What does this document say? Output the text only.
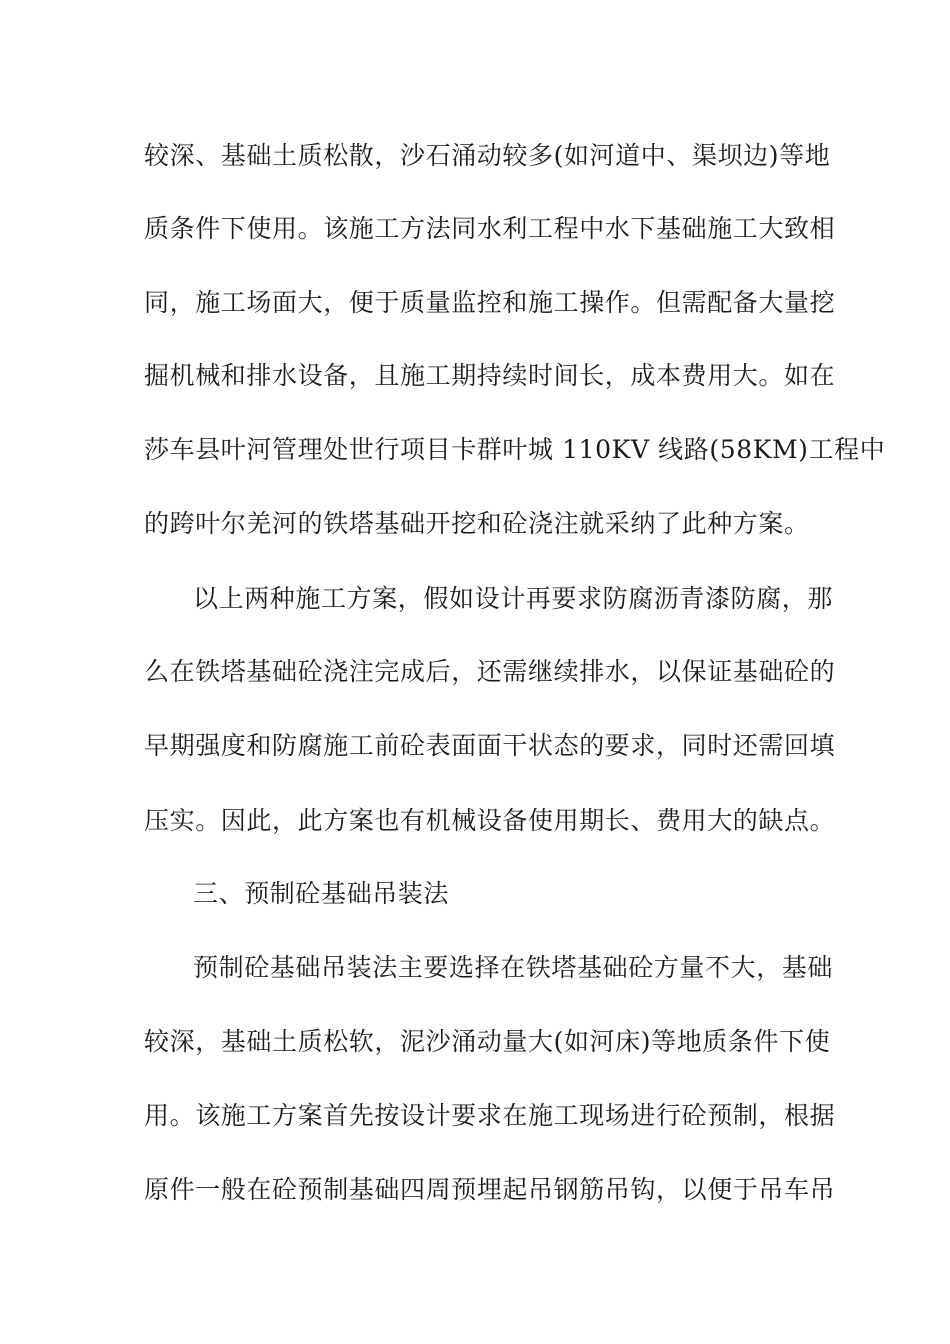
较深、基础土质松散，沙石涌动较多(如河道中、渠坝边)等地

质条件下使用。该施工方法同水利工程中水下基础施工大致相

同，施工场面大，便于质量监控和施工操作。但需配备大量挖

掘机械和排水设备，且施工期持续时间长，成本费用大。如在

莎车县叶河管理处世行项目卡群叶城 110KV 线路(58KM)工程中

的跨叶尔羌河的铁塔基础开挖和砼浇注就采纳了此种方案。

以上两种施工方案，假如设计再要求防腐沥青漆防腐，那

么在铁塔基础砼浇注完成后，还需继续排水，以保证基础砼的

早期强度和防腐施工前砼表面面干状态的要求，同时还需回填

压实。因此，此方案也有机械设备使用期长、费用大的缺点。

三、预制砼基础吊装法

预制砼基础吊装法主要选择在铁塔基础砼方量不大，基础

较深，基础土质松软，泥沙涌动量大(如河床)等地质条件下使

用。该施工方案首先按设计要求在施工现场进行砼预制，根据

原件一般在砼预制基础四周预埋起吊钢筋吊钩，以便于吊车吊
